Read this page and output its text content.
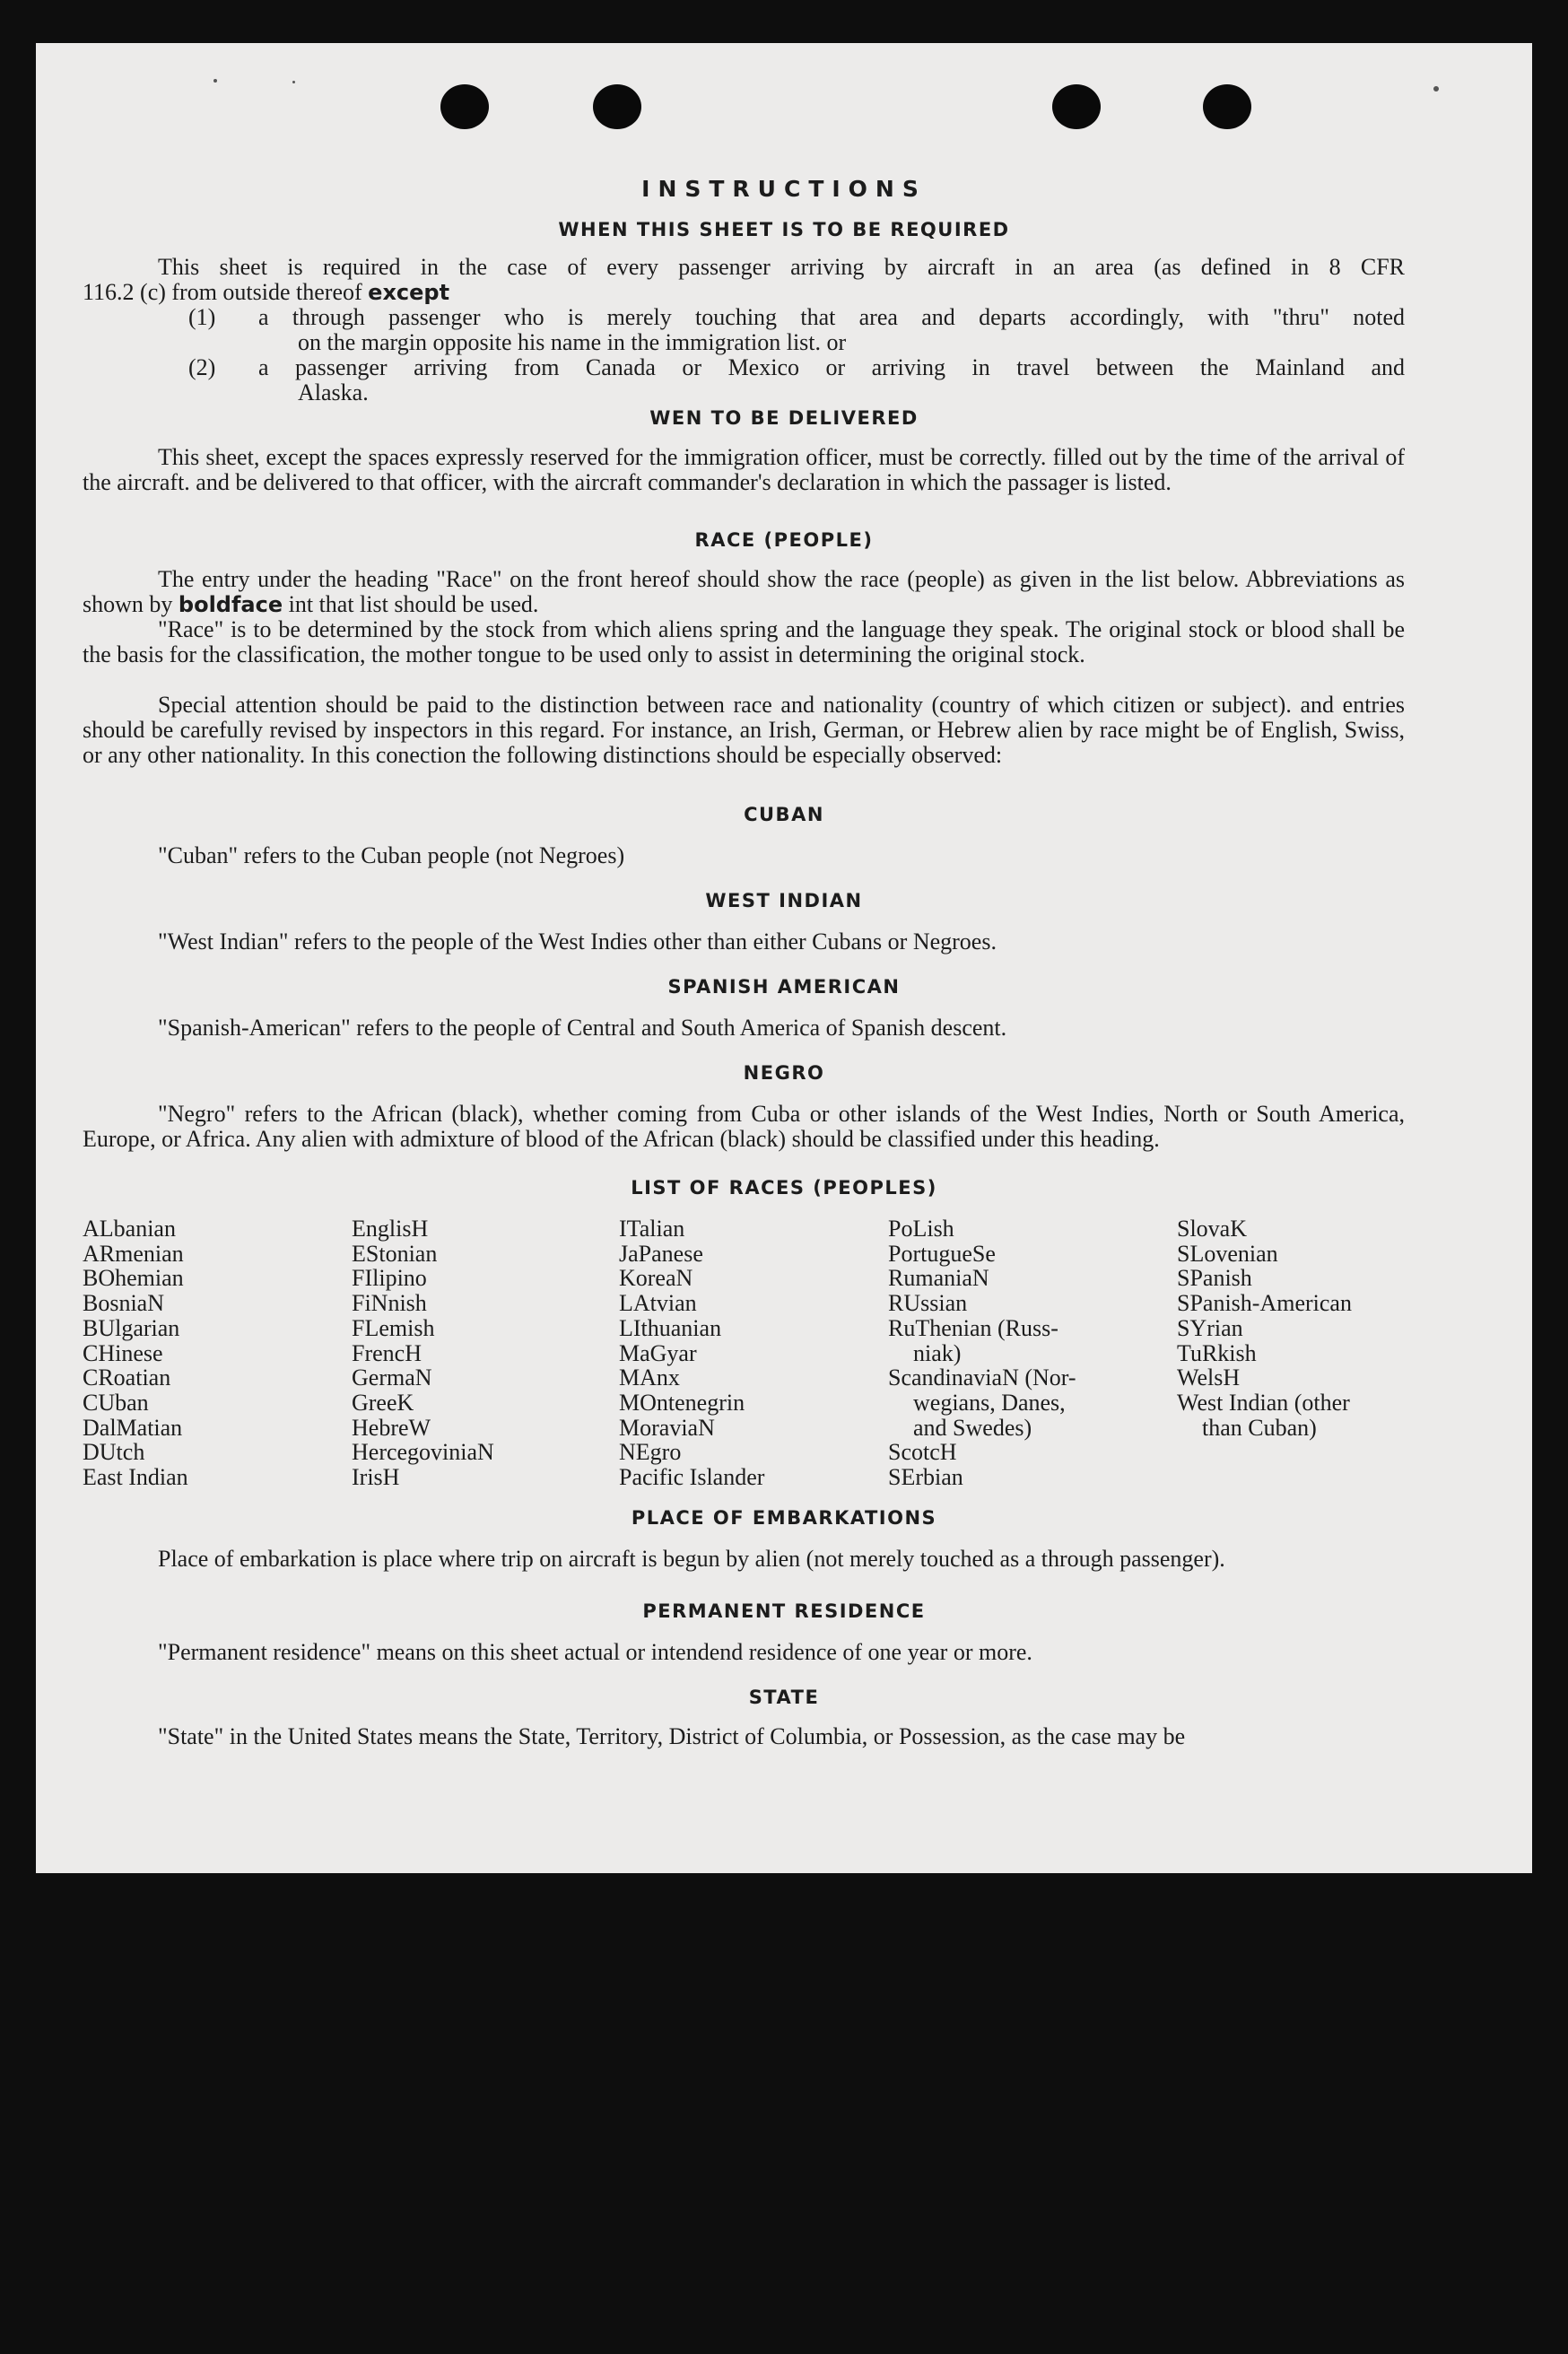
INSTRUCTIONS
WHEN THIS SHEET IS TO BE REQUIRED

This sheet is required in the case of every passenger arriving by aircraft in an area (as defined in 8 CFR

116.2 (c) from outside thereof except

(1) a through passenger who is merely touching that area and departs accordingly, with "thru" noted
on the margin opposite his name in the immigration list. or
(2) a passenger arriving from Canada or Mexico or arriving in travel between the Mainland and
Alaska.
WEN TO BE DELIVERED

This sheet, except the spaces expressly reserved for the immigration officer, must be correctly. filled out by the time of the arrival of the aircraft. and be delivered to that officer, with the aircraft commander's declaration in which the passager is listed.

RACE (PEOPLE)

The entry under the heading "Race" on the front hereof should show the race (people) as given in the list below. Abbreviations as shown by boldface int that list should be used.

"Race" is to be determined by the stock from which aliens spring and the language they speak. The original stock or blood shall be the basis for the classification, the mother tongue to be used only to assist in determining the original stock.

Special attention should be paid to the distinction between race and nationality (country of which citizen or subject). and entries should be carefully revised by inspectors in this regard. For instance, an Irish, German, or Hebrew alien by race might be of English, Swiss, or any other nationality. In this conection the following distinctions should be especially observed:

CUBAN

"Cuban" refers to the Cuban people (not Negroes)

WEST INDIAN

"West Indian" refers to the people of the West Indies other than either Cubans or Negroes.

SPANISH AMERICAN

"Spanish-American" refers to the people of Central and South America of Spanish descent.

NEGRO

"Negro" refers to the African (black), whether coming from Cuba or other islands of the West Indies, North or South America, Europe, or Africa. Any alien with admixture of blood of the African (black) should be classified under this heading.

LIST OF RACES (PEOPLES)
ALbanian
ARmenian
BOhemian
BosniaN
BUlgarian
CHinese
CRoatian
CUban
DalMatian
DUtch
East Indian
EnglisH
EStonian
FIlipino
FiNnish
FLemish
FrencH
GermaN
GreeK
HebreW
HercegoviniaN
IrisH
ITalian
JaPanese
KoreaN
LAtvian
LIthuanian
MaGyar
MAnx
MOntenegrin
MoraviaN
NEgro
Pacific Islander
PoLish
PortugueSe
RumaniaN
RUssian
RuThenian (Russ-
niak)
ScandinaviaN (Nor-
wegians, Danes,
and Swedes)
ScotcH
SErbian
SlovaK
SLovenian
SPanish
SPanish-American
SYrian
TuRkish
WelsH
West Indian (other
than Cuban)
PLACE OF EMBARKATIONS

Place of embarkation is place where trip on aircraft is begun by alien (not merely touched as a through passenger).

PERMANENT RESIDENCE

"Permanent residence" means on this sheet actual or intendend residence of one year or more.

STATE

"State" in the United States means the State, Territory, District of Columbia, or Possession, as the case may be
